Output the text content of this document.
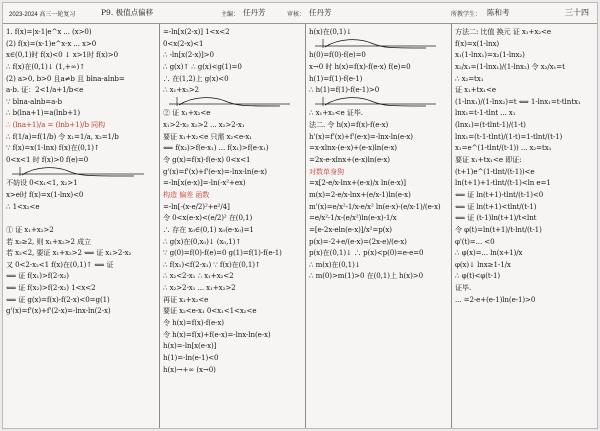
2023-2024 高三一轮复习	P9. 极值点偏移	主编： 任丹芳	审核： 任丹芳	所教学生： 陈和考	三十四
1. f(x)=|x-1|e^x ... (x>0)
(2) f(x)=(x-1)e^x-x ... x>0
x∈(0,1)时 f(x)<0 ↓ x>1时 f(x)>0
∴ f(x)在(0,1)↓ (1,+∞)↑
(2) a>0, b>0 且a≠b 且 blna-alnb=
a-b. 证：2<1/a+1/b<e
∵ blna-alnb=a-b
∴ b(lna+1)=a(lnb+1)
∴ (lna+1)/a = (lnb+1)/b 同构
∴ f(1/a)=f(1/b) 令 x₁=1/a, x₂=1/b
∵ f(x)=x(1-lnx) f(x)在(0,1)↑
0<x<1 时 f(x)>0 f(e)=0
不妨设 0<x₁<1, x₂>1
x>e时 f(x)=x(1-lnx)<0
∴ 1<x₂<e
① 证 x₁+x₂>2
若 x₂≥2, 则 x₁+x₂>2 成立
若 x₂<2, 要证 x₁+x₂>2 ⟸ 证 x₁>2-x₂
又 0<2-x₂<1 f(x)在(0,1)↑ ⟸ 证
⟸ 证 f(x₁)>f(2-x₂)
⟸ 证 f(x₂)>f(2-x₂) 1<x<2
⟸ 证 g(x)=f(x)-f(2-x)<0=g(1)
g'(x)=f'(x)+f'(2-x)=-lnx-ln(2-x)
=-ln[x(2-x)] 1<x<2
0<x(2-x)<1
∴ -ln[x(2-x)]>0
∴ g(x)↑ ∴ g(x)<g(1)=0
∴ 在(1,2)上 g(x)<0
∴ x₁+x₂>2
② 证 x₁+x₂<e
x₁>2-x₂ x₂>2 ... x₂>2-x₁
要证 x₁+x₂<e 只需 x₂<e-x₁
⟸ f(x₂)>f(e-x₁) ... f(x₁)>f(e-x₁)
令 g(x)=f(x)-f(e-x) 0<x<1
g'(x)=f'(x)+f'(e-x)=-lnx-ln(e-x)
=-ln[x(e-x)]=-ln(-x²+ex)
构造 偏差 函数
=-ln[-(x-e/2)²+e²/4]
令 0<x(e-x)<(e/2)² 在(0,1)
∴ 存在 x₀∈(0,1) x₀(e-x₀)=1
∴ g(x)在(0,x₀)↓ (x₀,1)↑
∵ g(0)=f(0)-f(e)=0 g(1)=f(1)-f(e-1)
∴ f(x₁)<f(2-x₁) ∵ f(x)在(0,1)↑
∴ x₂<2-x₁ ∴ x₁+x₂<2
∴ x₂>2-x₁ ... x₁+x₂>2
再证 x₁+x₂<e
要证 x₂<e-x₁ 0<x₁<1<x₂<e
令 h(x)=f(x)-f(e-x)
令 h(x)=f(x)+f(e-x)=-lnx-ln(e-x)
h(x)=-ln[x(e-x)]
h(1)=-ln(e-1)<0
h(x)→+∞ (x→0)
h(x)在(0,1)↓
h(0)=f(0)-f(e)=0
x→0 时 h(x)=f(x)-f(e-x) f(e)=0
h(1)=f(1)-f(e-1)
∴ h(1)=f(1)-f(e-1)>0
∴ x₁+x₂<e 证毕.
法二. 令 h(x)=f(x)-f(e-x)
h'(x)=f'(x)+f'(e-x)=-lnx-ln(e-x)
=x-xlnx-(e-x)+(e-x)ln(e-x)
=2x-e-xlnx+(e-x)ln(e-x)
对数单身狗
=x[2-e/x-lnx+(e-x)/x ln(e-x)]
m(x)=2-e/x-lnx+(e/x-1)ln(e-x)
m'(x)=e/x²-1/x-e/x² ln(e-x)-(e/x-1)/(e-x)
=e/x²-1/x-(e/x²)ln(e-x)-1/x
=[e-2x-eln(e-x)]/x²=p(x)
p(x)=-2+e/(e-x)=(2x-e)/(e-x)
p(x)在(0,1)↓ ∴ p(x)<p(0)=e-e=0
∴ m(x)在(0,1)↓
∴ m(0)>m(1)>0 在(0,1)上 h(x)>0
方法二: 比值 换元 证 x₁+x₂<e
f(x)=x(1-lnx)
x₁(1-lnx₁)=x₂(1-lnx₂)
x₂/x₁=(1-lnx₁)/(1-lnx₂) 令 x₂/x₁=t
∴ x₂=tx₁
证 x₁+tx₁<e
(1-lnx₁)/(1-lnx₂)=t ⟺ 1-lnx₁=t-tlntx₁
lnx₁=t-1-tlnt ... x₁
(lnx₁)=(t-tlnt-1)/(1-t)
lnx₁=(t-1-tlnt)/(1-t)=1-tlnt/(t-1)
x₁=e^(1-tlnt/(t-1)) ... x₂=tx₁
要证 x₁+tx₁<e 即证:
(t+1)e^(1-tlnt/(t-1))<e
ln(t+1)+1-tlnt/(t-1)<ln e=1
⟸ 证 ln(t+1)-tlnt/(t-1)<0
⟸ 证 ln(t+1)<tlnt/(t-1)
⟸ 证 (t-1)ln(t+1)/t<lnt
令 φ(t)=ln(t+1)/t-lnt/(t-1)
φ'(t)=... <0
∴ φ(x)=... ln(x+1)/x
φ(x)↓ lnx≥1-1/x
∴ φ(t)<φ(t-1)
证毕.
... =2-e+(e-1)ln(e-1)>0
